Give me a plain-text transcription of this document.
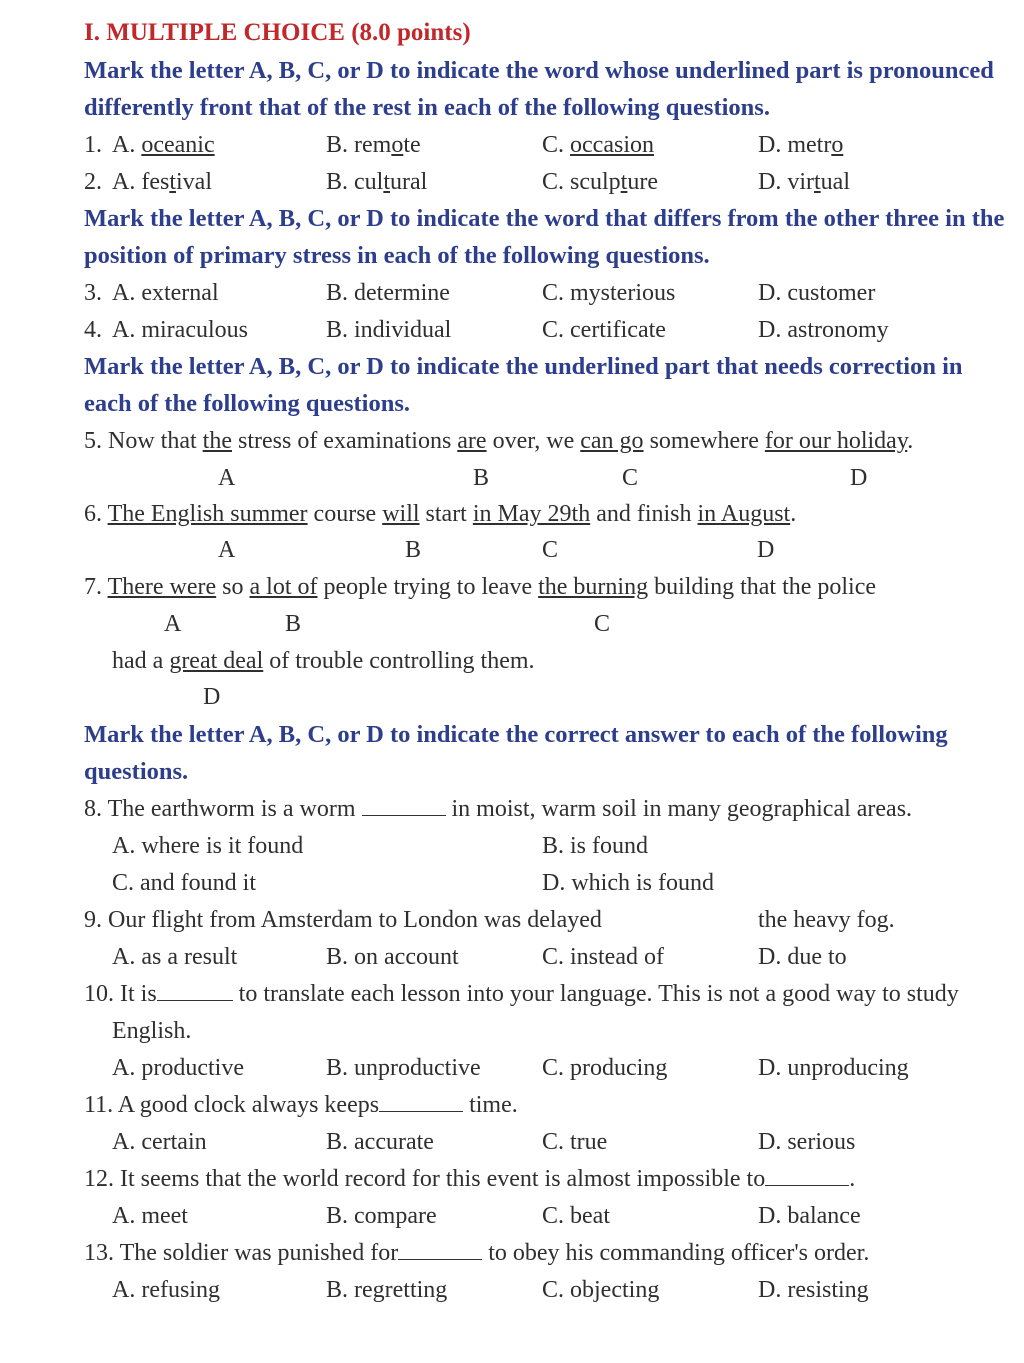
I. MULTIPLE CHOICE (8.0 points)
Mark the letter A, B, C, or D to indicate the word whose underlined part is pronounced
differently front that of the rest in each of the following questions.
1. A. oceanic	B. remote	C. occasion	D. metro
2. A. festival	B. cultural	C. sculpture	D. virtual
Mark the letter A, B, C, or D to indicate the word that differs from the other three in the
position of primary stress in each of the following questions.
3. A. external	B. determine	C. mysterious	D. customer
4. A. miraculous	B. individual	C. certificate	D. astronomy
Mark the letter A, B, C, or D to indicate the underlined part that needs correction in
each of the following questions.
5. Now that the stress of examinations are over, we can go somewhere for our holiday.
A	B	C	D
6. The English summer course will start in May 29th and finish in August.
A	B	C	D
7. There were so a lot of people trying to leave the burning building that the police
A	B	C
had a great deal of trouble controlling them.
D
Mark the letter A, B, C, or D to indicate the correct answer to each of the following
questions.
8. The earthworm is a worm	in moist, warm soil in many geographical areas.
A. where is it found	B. is found
C. and found it	D. which is found
9. Our flight from Amsterdam to London was delayed	the heavy fog.
A. as a result	B. on account	C. instead of	D. due to
10. It is	to translate each lesson into your language. This is not a good way to study
English.
A. productive	B. unproductive	C. producing	D. unproducing
11. A good clock always keeps	time.
A. certain	B. accurate	C. true	D. serious
12. It seems that the world record for this event is almost impossible to	.
A. meet	B. compare	C. beat	D. balance
13. The soldier was punished for	to obey his commanding officer's order.
A. refusing	B. regretting	C. objecting	D. resisting
